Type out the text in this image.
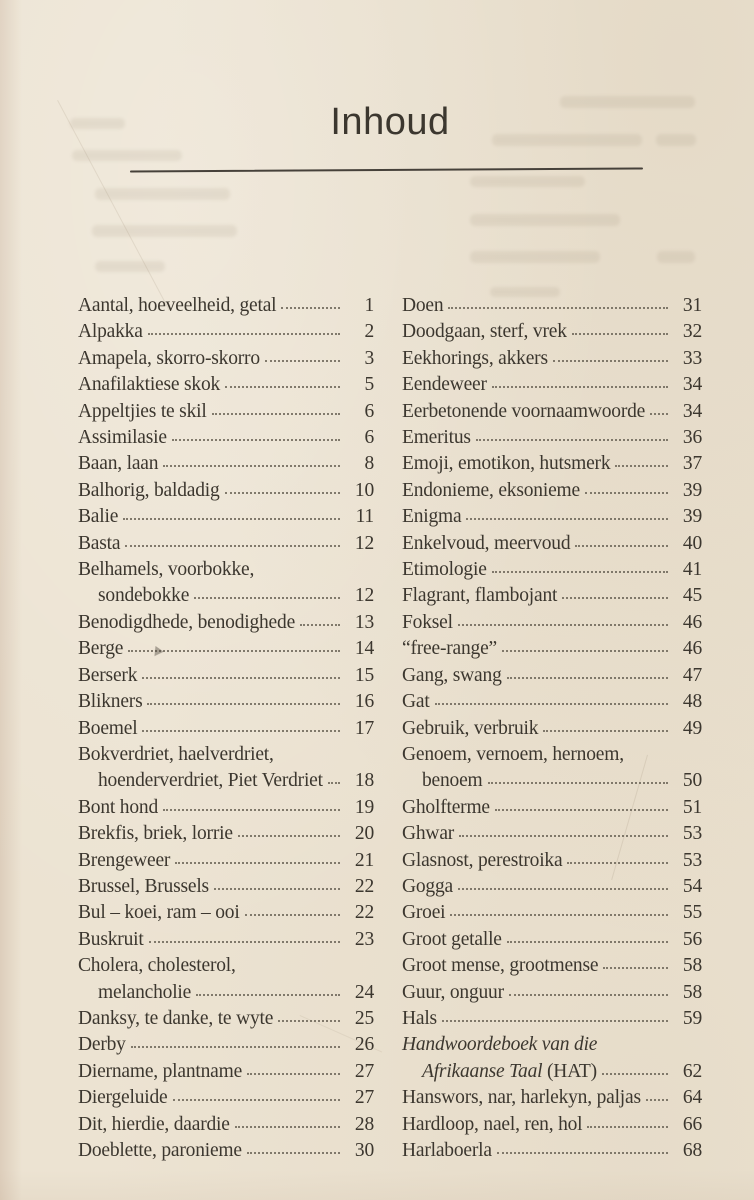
Inhoud
Aantal, hoeveelheid, getal	1
Alpakka	2
Amapela, skorro-skorro	3
Anafilaktiese skok	5
Appeltjies te skil	6
Assimilasie	6
Baan, laan	8
Balhorig, baldadig	10
Balie	11
Basta	12
Belhamels, voorbokke,
sondebokke	12
Benodigdhede, benodighede	13
Berge	14
Berserk	15
Blikners	16
Boemel	17
Bokverdriet, haelverdriet,
hoenderverdriet, Piet Verdriet	18
Bont hond	19
Brekfis, briek, lorrie	20
Brengeweer	21
Brussel, Brussels	22
Bul – koei, ram – ooi	22
Buskruit	23
Cholera, cholesterol,
melancholie	24
Danksy, te danke, te wyte	25
Derby	26
Diername, plantname	27
Diergeluide	27
Dit, hierdie, daardie	28
Doeblette, paronieme	30
Doen	31
Doodgaan, sterf, vrek	32
Eekhorings, akkers	33
Eendeweer	34
Eerbetonende voornaamwoorde	34
Emeritus	36
Emoji, emotikon, hutsmerk	37
Endonieme, eksonieme	39
Enigma	39
Enkelvoud, meervoud	40
Etimologie	41
Flagrant, flambojant	45
Foksel	46
“free-range”	46
Gang, swang	47
Gat	48
Gebruik, verbruik	49
Genoem, vernoem, hernoem,
benoem	50
Gholfterme	51
Ghwar	53
Glasnost, perestroika	53
Gogga	54
Groei	55
Groot getalle	56
Groot mense, grootmense	58
Guur, onguur	58
Hals	59
Handwoordeboek van die
Afrikaanse Taal (HAT)	62
Hanswors, nar, harlekyn, paljas	64
Hardloop, nael, ren, hol	66
Harlaboerla	68
